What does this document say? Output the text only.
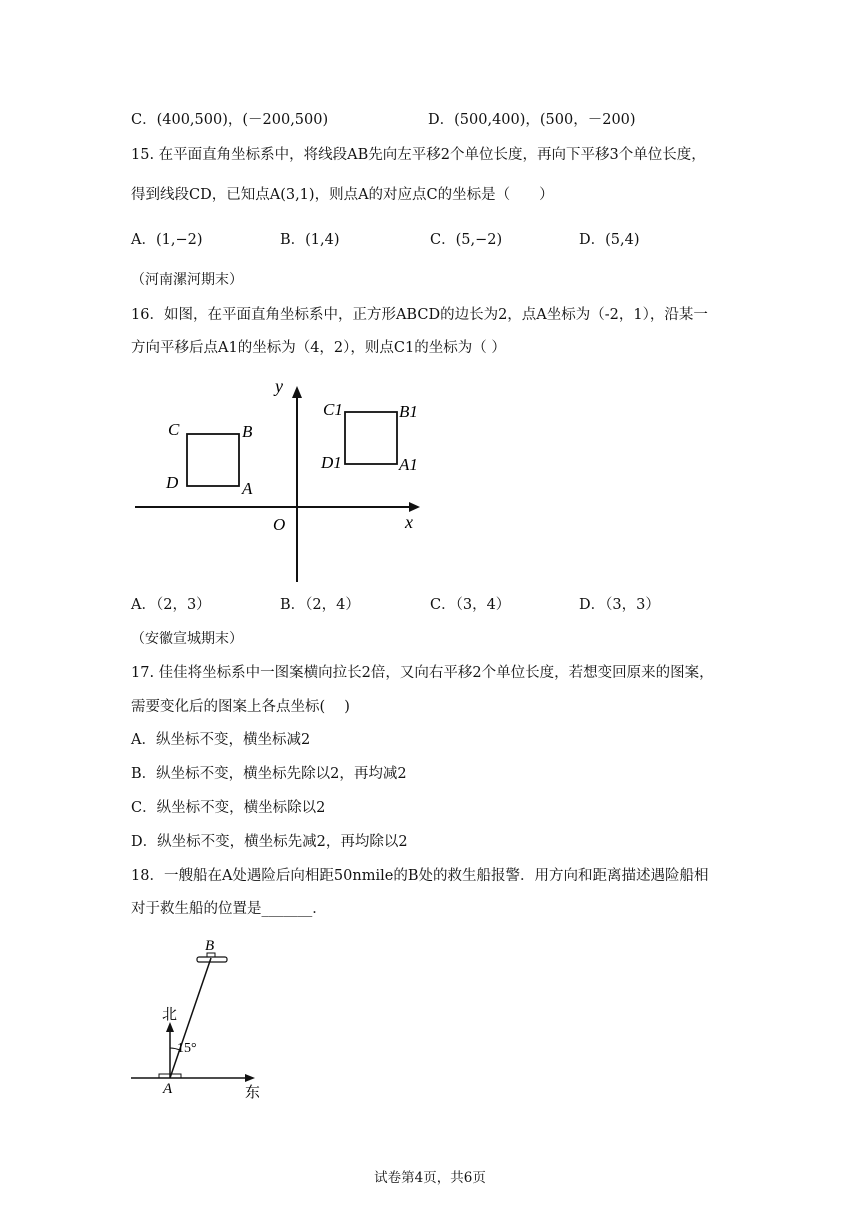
C．(400,500)，(－200,500)	D．(500,400)，(500，－200)
15. 在平面直角坐标系中，将线段AB先向左平移2个单位长度，再向下平移3个单位长度，
得到线段CD，已知点A(3,1)，则点A的对应点C的坐标是（　　）
A．(1,−2)	B．(1,4)	C．(5,−2)	D．(5,4)
（河南漯河期末）
16．如图，在平面直角坐标系中，正方形ABCD的边长为2，点A坐标为（-2，1），沿某一
方向平移后点A1的坐标为（4，2），则点C1的坐标为（ ）
y
x
O
C	B
D	A
C1	B1
D1	A1
A．（2，3）	B．（2，4）	C．（3，4）	D．（3，3）
（安徽宣城期末）
17. 佳佳将坐标系中一图案横向拉长2倍，又向右平移2个单位长度，若想变回原来的图案，
需要变化后的图案上各点坐标(　 )
A．纵坐标不变，横坐标减2
B．纵坐标不变，横坐标先除以2，再均减2
C．纵坐标不变，横坐标除以2
D．纵坐标不变，横坐标先减2，再均除以2
18．一艘船在A处遇险后向相距50nmile的B处的救生船报警．用方向和距离描述遇险船相
对于救生船的位置是_______．
东
北
15°
A
B
试卷第4页，共6页
